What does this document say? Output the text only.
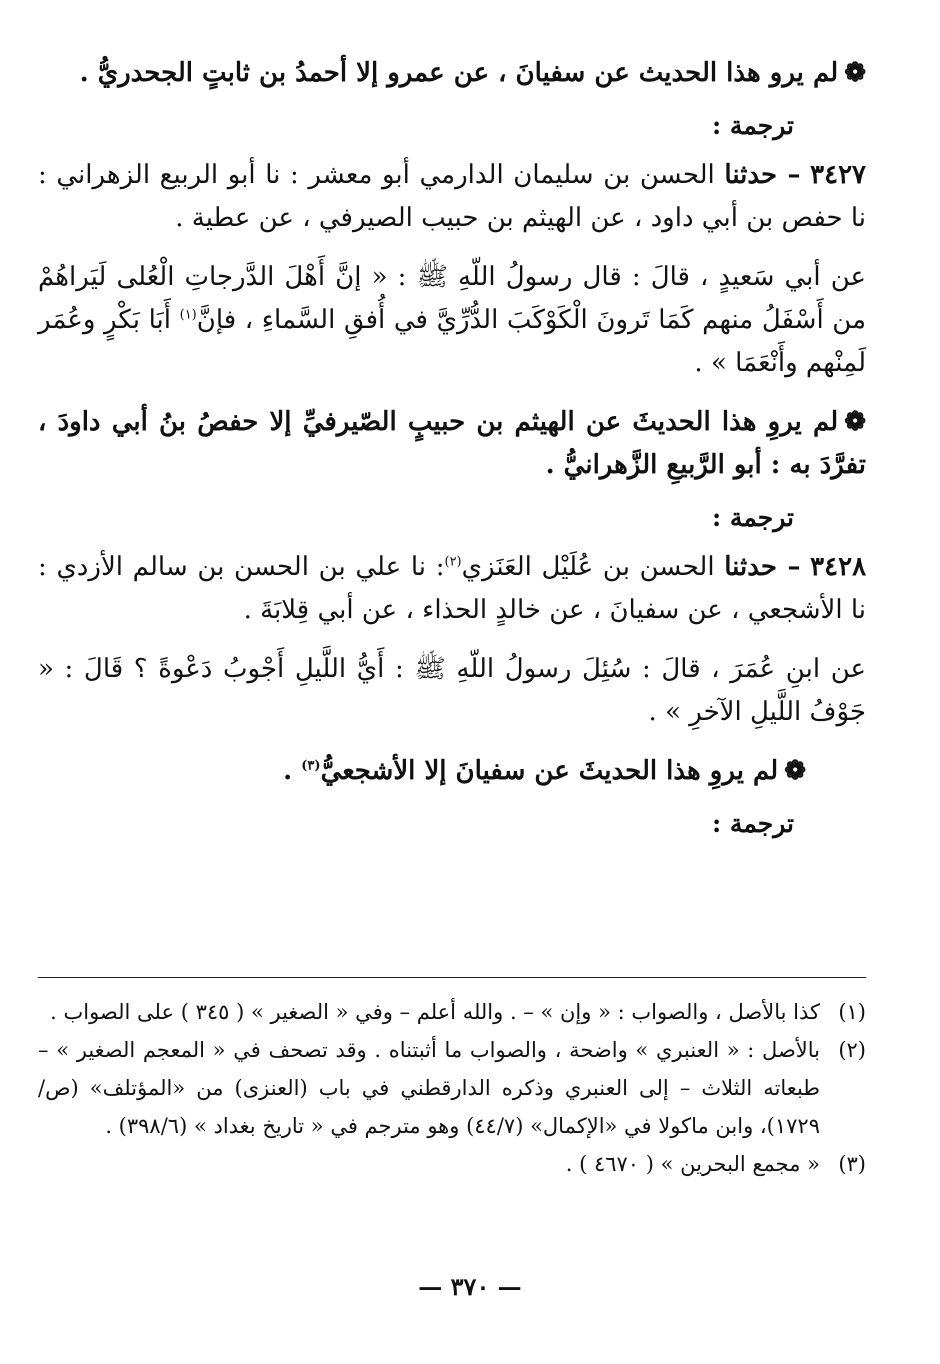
❁لم يرو هذا الحديث عن سفيانَ ، عن عمرو إلا أحمدُ بن ثابتٍ الجحدريُّ .

ترجمة :

٣٤٢٧ – حدثنا الحسن بن سليمان الدارمي أبو معشر : نا أبو الربيع الزهراني : نا حفص بن أبي داود ، عن الهيثم بن حبيب الصيرفي ، عن عطية .

عن أبي سَعيدٍ ، قالَ : قال رسولُ اللّهِ ﷺ : « إنَّ أَهْلَ الدَّرجاتِ الْعُلى لَيَراهُمْ من أَسْفَلُ منهم كَمَا تَرونَ الْكَوْكَبَ الدُّرِّيَّ في أُفقِ السَّماءِ ، فإنَّ$^{(١)}$ أَبَا بَكْرٍ وعُمَر لَمِنْهم وأَنْعَمَا » .

❁لم يروِ هذا الحديثَ عن الهيثم بن حبيبٍ الصّيرفيِّ إلا حفصُ بنُ أبي داودَ ، تفرَّدَ به : أبو الرَّبيعِ الزَّهرانيُّ .

ترجمة :

٣٤٢٨ – حدثنا الحسن بن عُلَيْل العَنَزي$^{(٢)}$: نا علي بن الحسن بن سالم الأزدي : نا الأشجعي ، عن سفيانَ ، عن خالدٍ الحذاء ، عن أبي قِلابَةَ .

عن ابنِ عُمَرَ ، قالَ : سُئِلَ رسولُ اللّهِ ﷺ : أَيُّ اللَّيلِ أَجْوبُ دَعْوةً ؟ قَالَ : « جَوْفُ اللَّيلِ الآخرِ » .

❁لم يروِ هذا الحديثَ عن سفيانَ إلا الأشجعيُّ$^{(٣)}$ .

ترجمة :
(١)
كذا بالأصل ، والصواب : « وإن » – . والله أعلم – وفي « الصغير » ( ٣٤٥ ) على الصواب .
(٢)
بالأصل : « العنبري » واضحة ، والصواب ما أثبتناه . وقد تصحف في « المعجم الصغير » – طبعاته الثلاث – إلى العنبري وذكره الدارقطني في باب (العنزى) من «المؤتلف» (ص/١٧٢٩)، وابن ماكولا في «الإكمال» (٤٤/٧) وهو مترجم في « تاريخ بغداد » (٣٩٨/٦) .
(٣)
« مجمع البحرين » ( ٤٦٧٠ ) .
— ٣٧٠ —
